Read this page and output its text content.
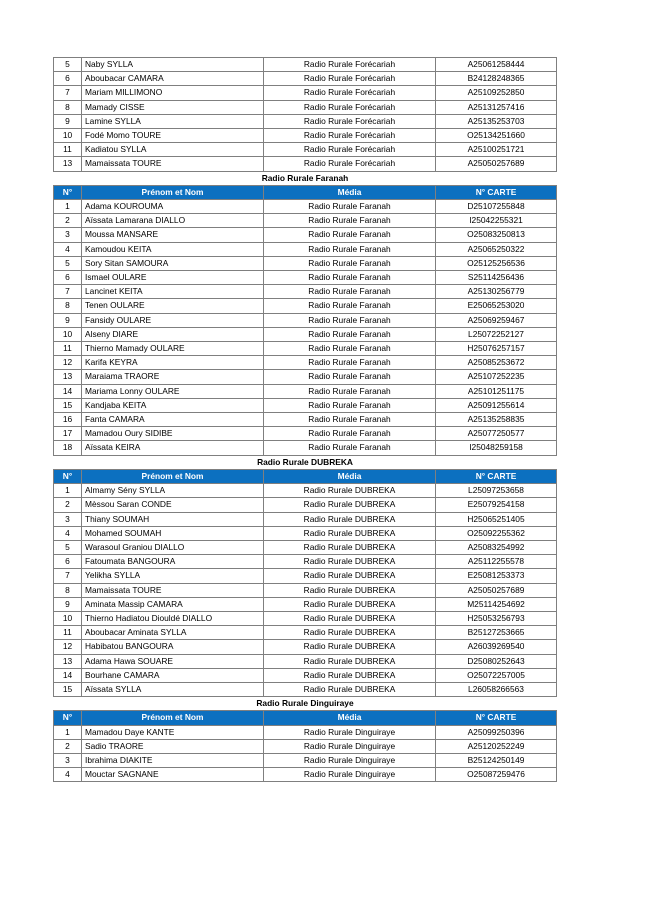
5	Naby SYLLA	Radio Rurale Forécariah	A25061258444
6	Aboubacar CAMARA	Radio Rurale Forécariah	B24128248365
7	Mariam MILLIMONO	Radio Rurale Forécariah	A25109252850
8	Mamady CISSE	Radio Rurale Forécariah	A25131257416
9	Lamine SYLLA	Radio Rurale Forécariah	A25135253703
10	Fodé Momo TOURE	Radio Rurale Forécariah	O25134251660
11	Kadiatou SYLLA	Radio Rurale Forécariah	A25100251721
13	Mamaissata TOURE	Radio Rurale Forécariah	A25050257689
Radio Rurale Faranah			
N°	Prénom et Nom	Média	N° CARTE
1	Adama KOUROUMA	Radio Rurale Faranah	D25107255848
2	Aïssata Lamarana DIALLO	Radio Rurale Faranah	I25042255321
3	Moussa MANSARE	Radio Rurale Faranah	O25083250813
4	Kamoudou KEITA	Radio Rurale Faranah	A25065250322
5	Sory Sitan SAMOURA	Radio Rurale Faranah	O25125256536
6	Ismael OULARE	Radio Rurale Faranah	S25114256436
7	Lancinet KEITA	Radio Rurale Faranah	A25130256779
8	Tenen OULARE	Radio Rurale Faranah	E25065253020
9	Fansidy OULARE	Radio Rurale Faranah	A25069259467
10	Alseny DIARE	Radio Rurale Faranah	L25072252127
11	Thierno Mamady OULARE	Radio Rurale Faranah	H25076257157
12	Karifa KEYRA	Radio Rurale Faranah	A25085253672
13	Maraiama TRAORE	Radio Rurale Faranah	A25107252235
14	Mariama Lonny OULARE	Radio Rurale Faranah	A25101251175
15	Kandjaba KEITA	Radio Rurale Faranah	A25091255614
16	Fanta CAMARA	Radio Rurale Faranah	A25135258835
17	Mamadou Oury SIDIBE	Radio Rurale Faranah	A25077250577
18	Aïssata KEIRA	Radio Rurale Faranah	I25048259158
Radio Rurale DUBREKA			
N°	Prénom et Nom	Média	N° CARTE
1	Almamy Sény SYLLA	Radio Rurale DUBREKA	L25097253658
2	Mèssou Saran CONDE	Radio Rurale DUBREKA	E25079254158
3	Thiany SOUMAH	Radio Rurale DUBREKA	H25065251405
4	Mohamed SOUMAH	Radio Rurale DUBREKA	O25092255362
5	Warasoul Graniou DIALLO	Radio Rurale DUBREKA	A25083254992
6	Fatoumata BANGOURA	Radio Rurale DUBREKA	A25112255578
7	Yelikha SYLLA	Radio Rurale DUBREKA	E25081253373
8	Mamaissata TOURE	Radio Rurale DUBREKA	A25050257689
9	Aminata Massip CAMARA	Radio Rurale DUBREKA	M25114254692
10	Thierno Hadiatou Diouldé DIALLO	Radio Rurale DUBREKA	H25053256793
11	Aboubacar Aminata SYLLA	Radio Rurale DUBREKA	B25127253665
12	Habibatou BANGOURA	Radio Rurale DUBREKA	A26039269540
13	Adama Hawa SOUARE	Radio Rurale DUBREKA	D25080252643
14	Bourhane CAMARA	Radio Rurale DUBREKA	O25072257005
15	Aïssata SYLLA	Radio Rurale DUBREKA	L26058266563
Radio Rurale Dinguiraye			
N°	Prénom et Nom	Média	N° CARTE
1	Mamadou Daye KANTE	Radio Rurale Dinguiraye	A25099250396
2	Sadio TRAORE	Radio Rurale Dinguiraye	A25120252249
3	Ibrahima DIAKITE	Radio Rurale Dinguiraye	B25124250149
4	Mouctar SAGNANE	Radio Rurale Dinguiraye	O25087259476
